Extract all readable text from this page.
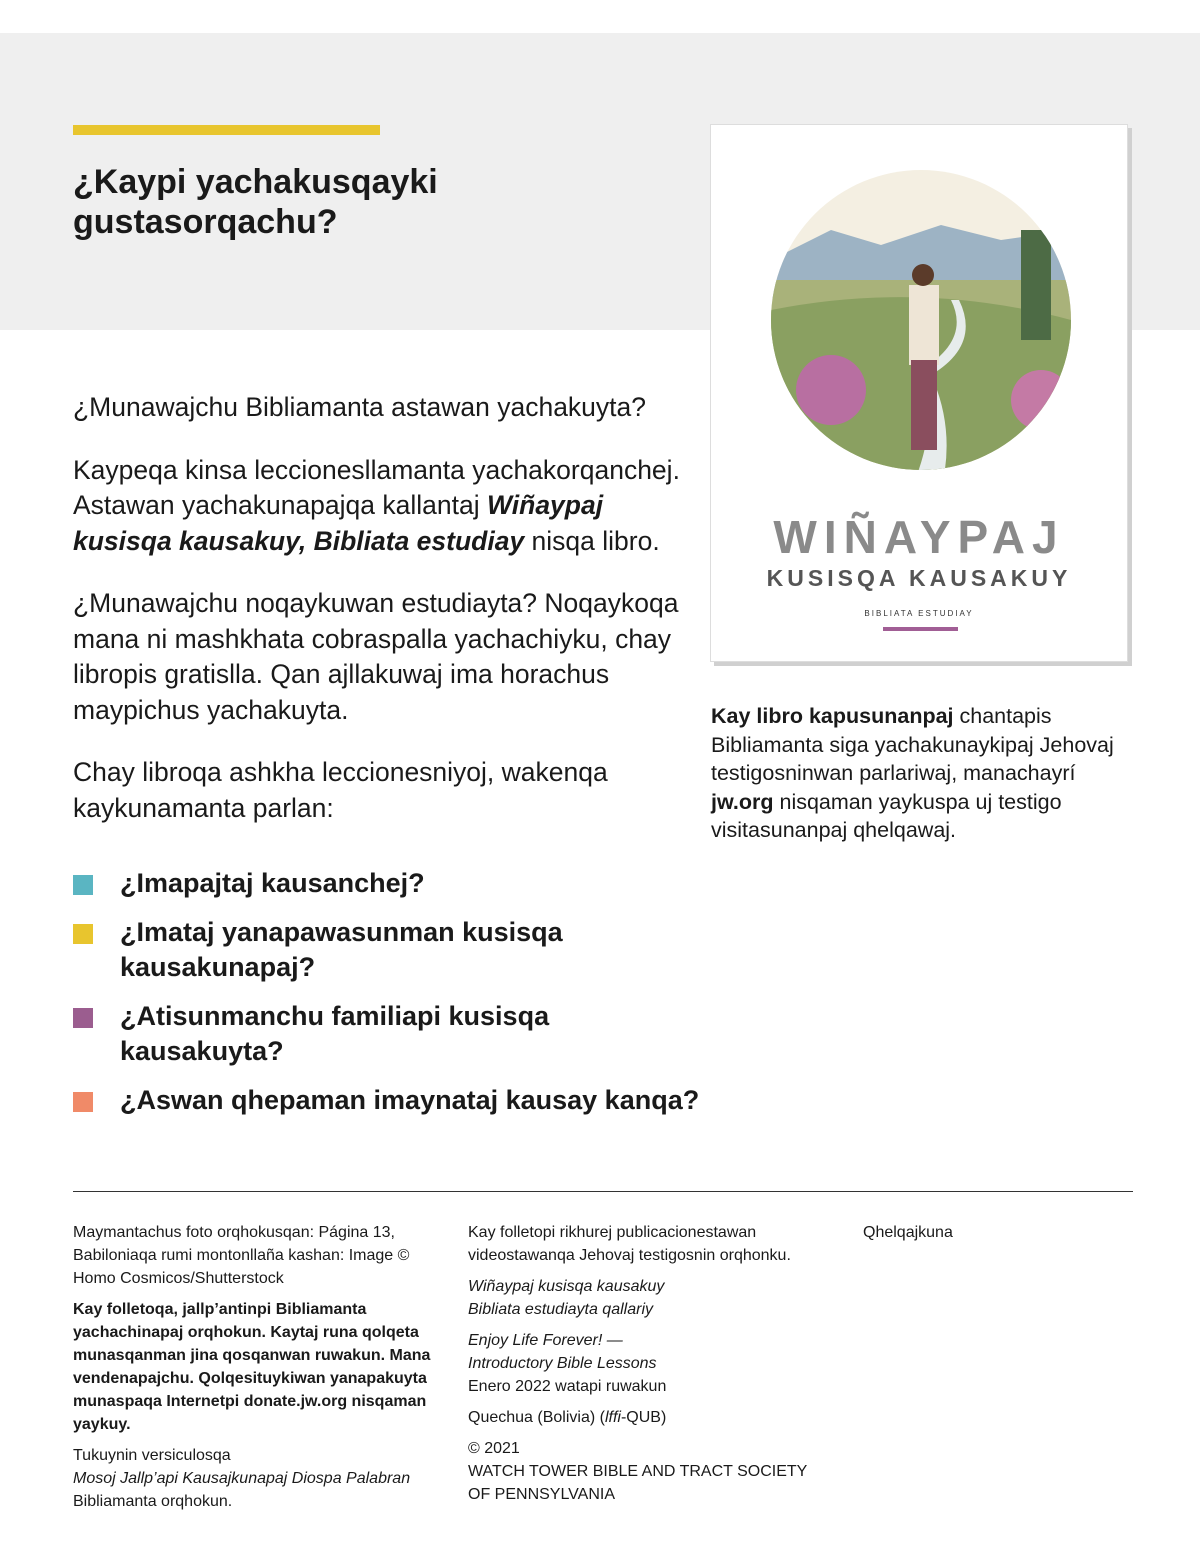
¿Kaypi yachakusqayki gustasorqachu?

¿Munawajchu Bibliamanta astawan yachakuyta?

Kaypeqa kinsa leccionesllamanta yachakorqanchej. Astawan yachakunapajqa kallantaj Wiñaypaj kusisqa kausakuy, Bibliata estudiay nisqa libro.

¿Munawajchu noqaykuwan estudiayta? Noqaykoqa mana ni mashkhata cobraspalla yachachiyku, chay libropis gratislla. Qan ajllakuwaj ima horachus maypichus yachakuyta.

Chay libroqa ashkha leccionesniyoj, wakenqa kaykunamanta parlan:

¿Imapajtaj kausanchej?
¿Imataj yanapawasunman kusisqa kausakunapaj?
¿Atisunmanchu familiapi kusisqa kausakuyta?
¿Aswan qhepaman imaynataj kausay kanqa?
WIÑAYPAJ
KUSISQA KAUSAKUY
BIBLIATA ESTUDIAY
Kay libro kapusunanpaj chantapis Bibliamanta siga yachakunaykipaj Jehovaj testigosninwan parlariwaj, manachayrí jw.org nisqaman yaykuspa uj testigo visitasunanpaj qhelqawaj.

Maymantachus foto orqhokusqan: Página 13, Babiloniaqa rumi montonllaña kashan: Image © Homo Cosmicos/Shutterstock

Kay folletoqa, jallp’antinpi Bibliamanta yachachinapaj orqhokun. Kaytaj runa qolqeta munasqanman jina qosqanwan ruwakun. Mana vendenapajchu. Qolqesituykiwan yanapakuyta munaspaqa Internetpi donate.jw.org nisqaman yaykuy.

Tukuynin versiculosqa
Mosoj Jallp’api Kausajkunapaj Diospa Palabran Bibliamanta orqhokun.

Kay folletopi rikhurej publicacionestawan videostawanqa Jehovaj testigosnin orqhonku.

Wiñaypaj kusisqa kausakuy Bibliata estudiayta qallariy

Enjoy Life Forever! —Introductory Bible Lessons
Enero 2022 watapi ruwakun

Quechua (Bolivia) (lffi-QUB)

© 2021

WATCH TOWER BIBLE AND TRACT SOCIETY OF PENNSYLVANIA

Qhelqajkuna
